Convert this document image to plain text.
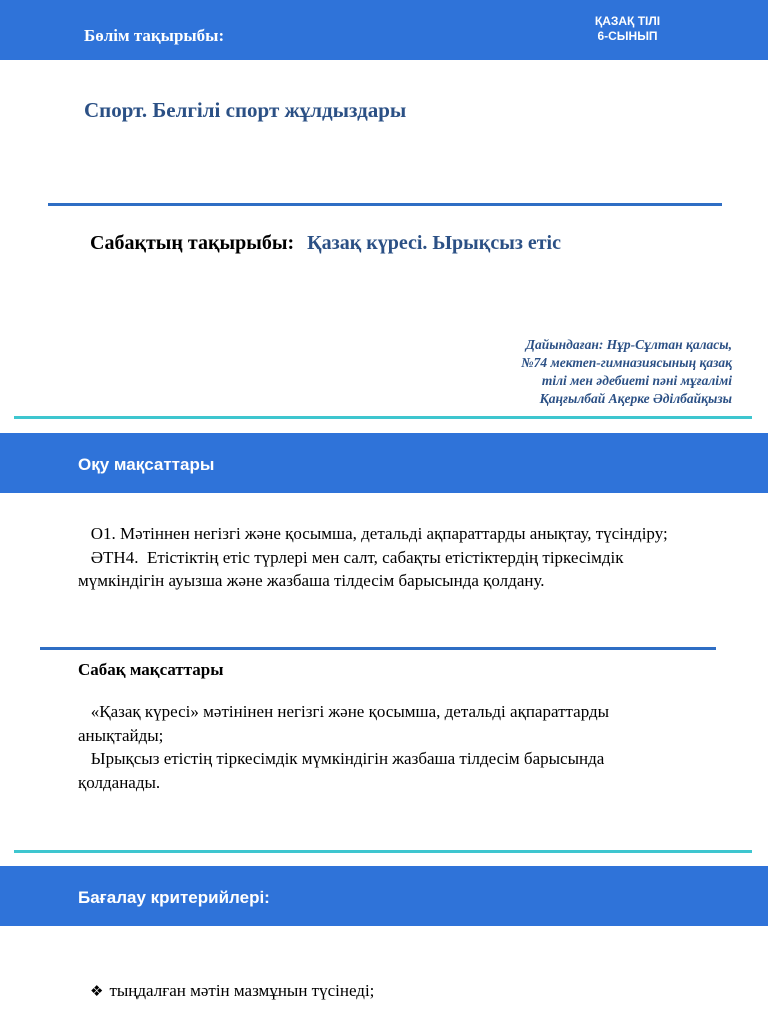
Бөлім тақырыбы:
ҚАЗАҚ ТІЛІ
6-СЫНЫП
Спорт. Белгілі спорт жұлдыздары
Сабақтың тақырыбы: Қазақ күресі. Ырықсыз етіс
Дайындаған: Нұр-Сұлтан қаласы,
№74 мектеп-гимназиясының қазақ
тілі мен әдебиеті пәні мұғалімі
Қаңғылбай Ақерке Әділбайқызы
Оқу мақсаттары

О1. Мәтіннен негізгі және қосымша, детальді ақпараттарды анықтау, түсіндіру;

ӘТН4.  Етістіктің етіс түрлері мен салт, сабақты етістіктердің тіркесімдік мүмкіндігін ауызша және жазбаша тілдесім барысында қолдану.

Сабақ мақсаттары

«Қазақ күресі» мәтінінен негізгі және қосымша, детальді ақпараттарды анықтайды;

Ырықсыз етістің тіркесімдік мүмкіндігін жазбаша тілдесім барысында қолданады.

Бағалау критерийлері:
❖ тыңдалған мәтін мазмұнын түсінеді;
